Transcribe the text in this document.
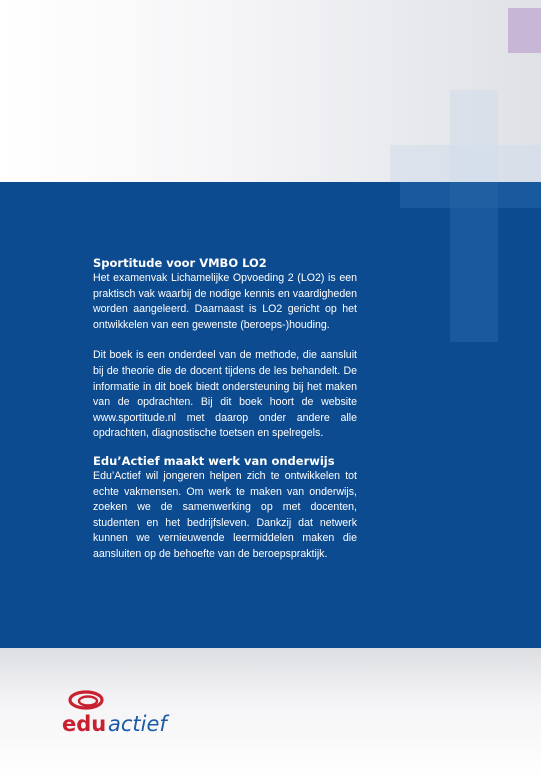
Sportitude voor VMBO LO2

Het examenvak Lichamelijke Opvoeding 2 (LO2) is een praktisch vak waarbij de nodige kennis en vaardigheden worden aangeleerd. Daarnaast is LO2 gericht op het ontwikkelen van een gewenste (beroeps-)houding.

Dit boek is een onderdeel van de methode, die aansluit bij de theorie die de docent tijdens de les behandelt. De informatie in dit boek biedt ondersteuning bij het maken van de opdrachten. Bij dit boek hoort de website www.sportitude.nl met daarop onder andere alle opdrachten, diagnostische toetsen en spelregels.

Edu’Actief maakt werk van onderwijs

Edu’Actief wil jongeren helpen zich te ontwikkelen tot echte vakmensen. Om werk te maken van onderwijs, zoeken we de samenwerking op met docenten, studenten en het bedrijfsleven. Dankzij dat netwerk kunnen we vernieuwende leermiddelen maken die aansluiten op de behoefte van de beroepspraktijk.

edu actief
